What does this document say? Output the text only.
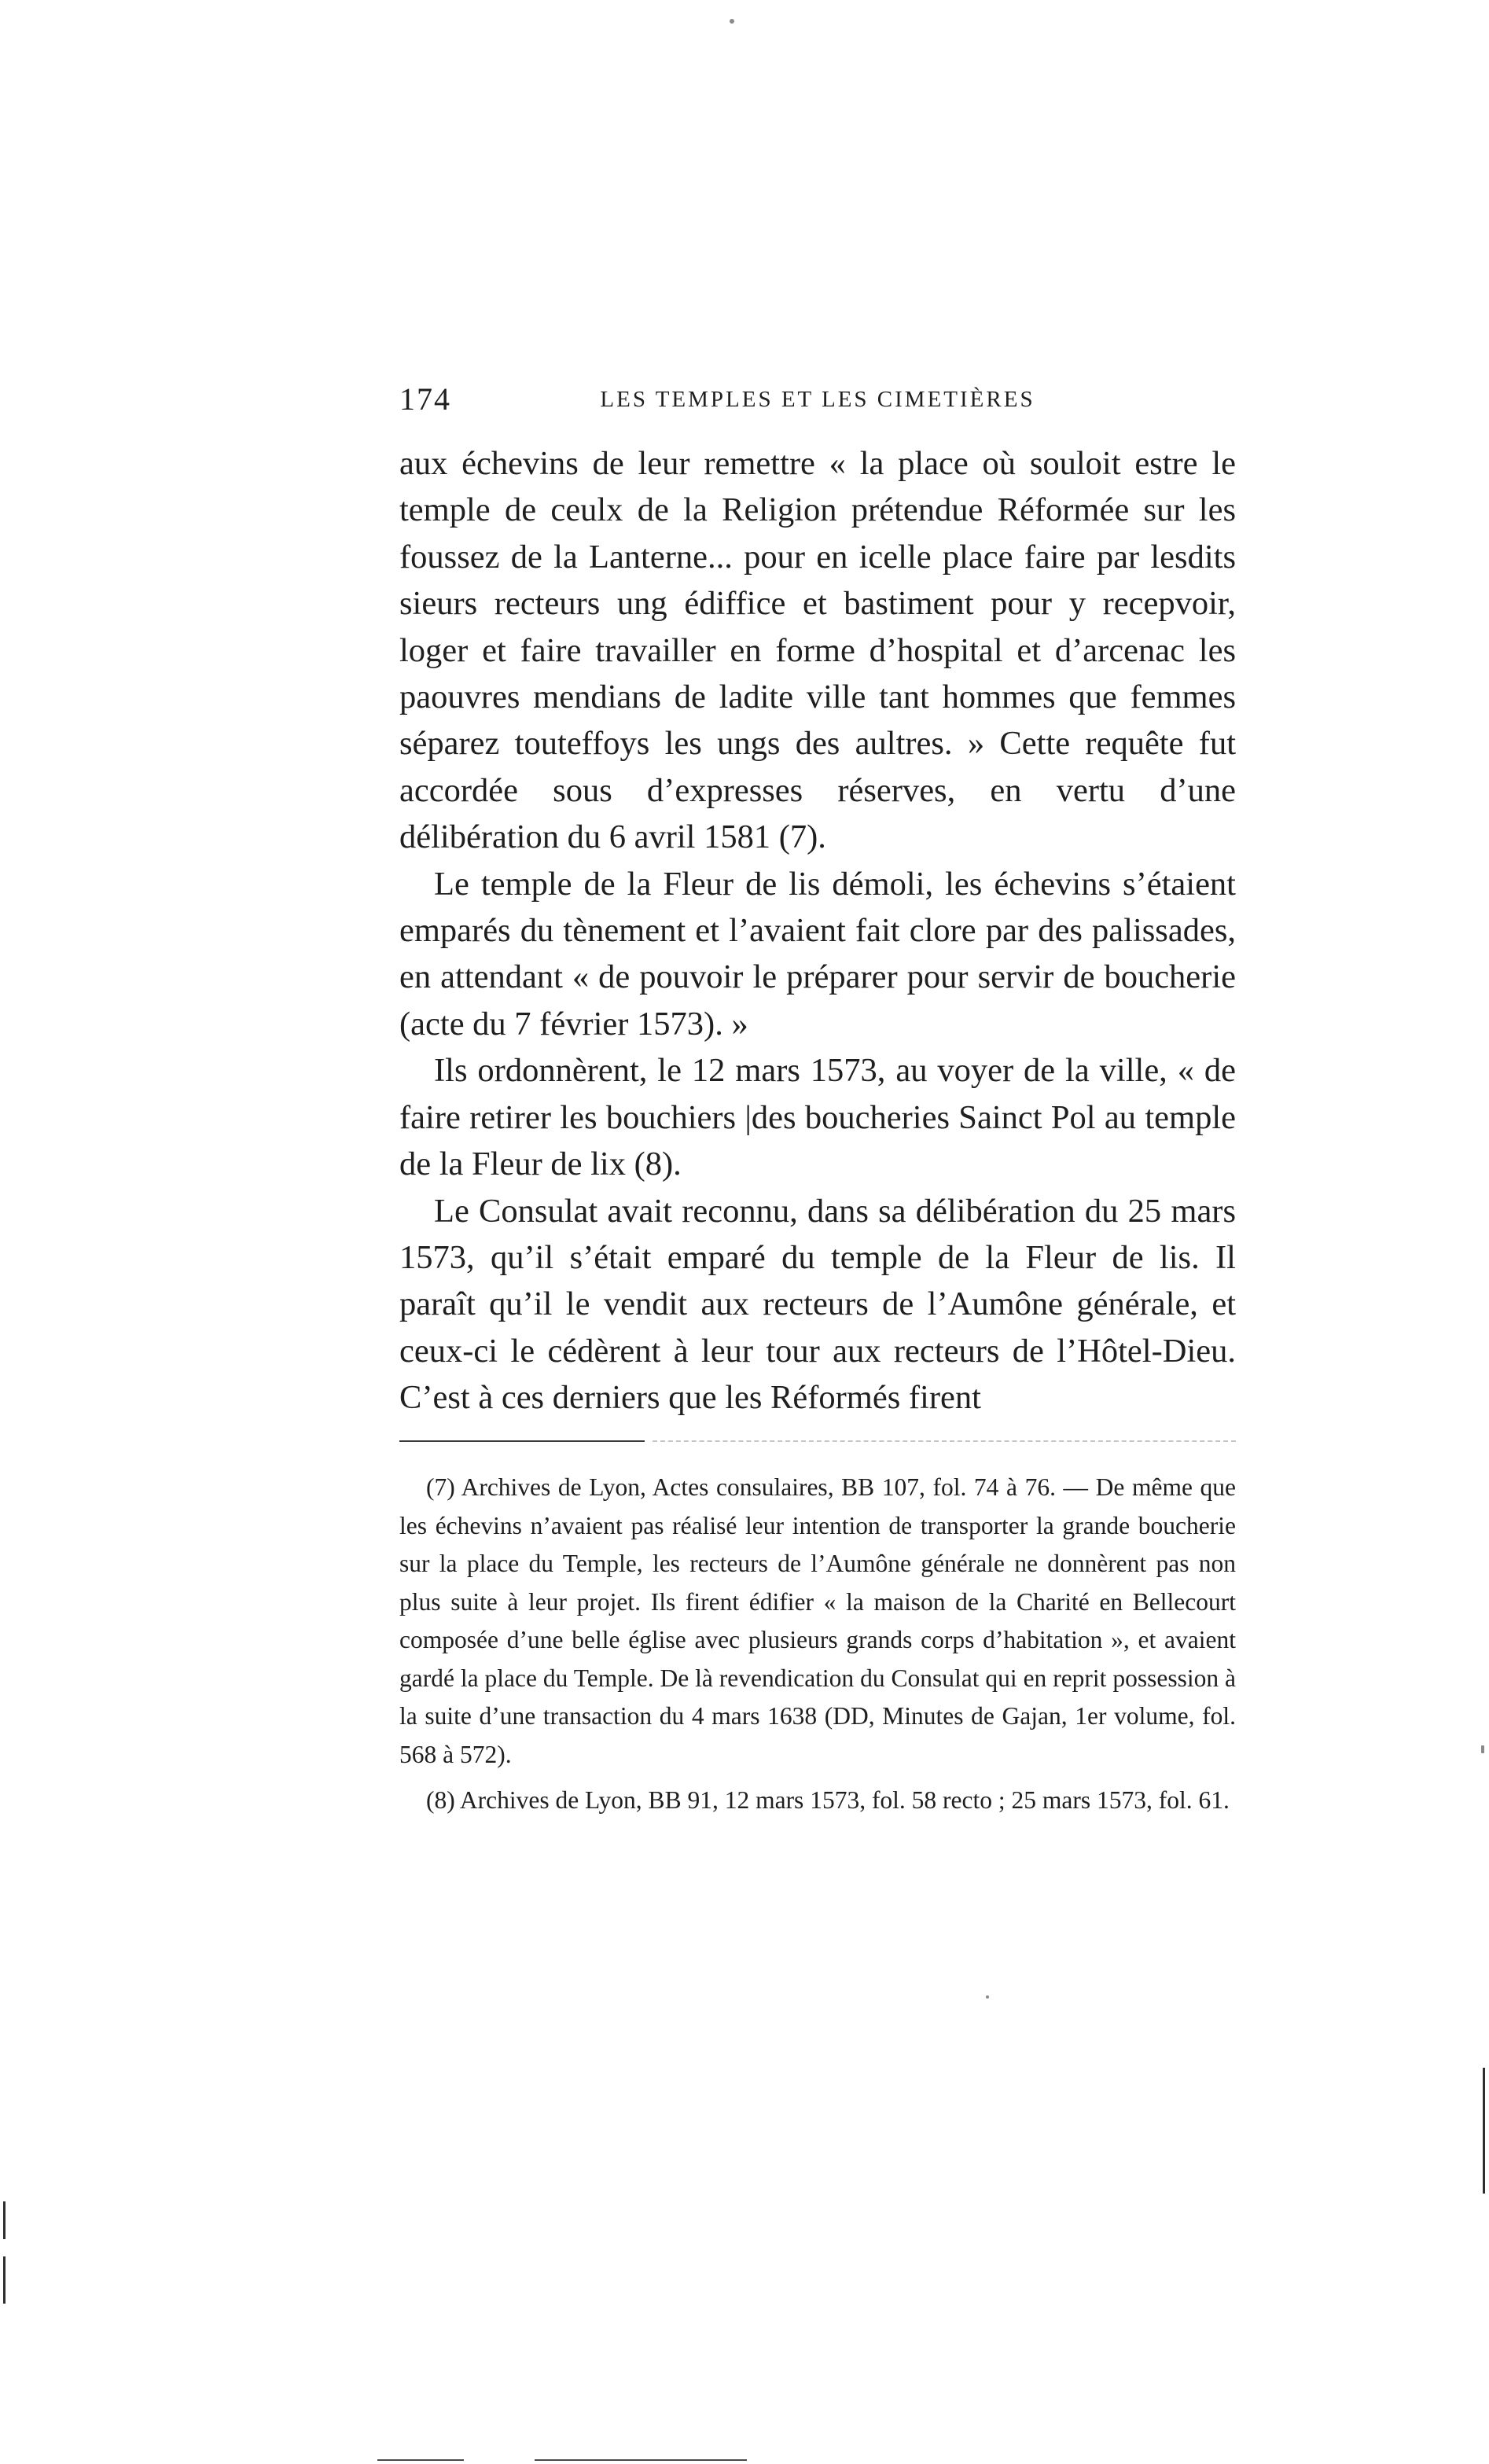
174	LES TEMPLES ET LES CIMETIÈRES

aux échevins de leur remettre « la place où souloit estre le temple de ceulx de la Religion prétendue Réformée sur les foussez de la Lanterne... pour en icelle place faire par lesdits sieurs recteurs ung édiffice et bastiment pour y recepvoir, loger et faire travailler en forme d’hospital et d’arcenac les paouvres mendians de ladite ville tant hommes que femmes séparez touteffoys les ungs des aultres. » Cette requête fut accordée sous d’expresses réserves, en vertu d’une délibération du 6 avril 1581 (7).

Le temple de la Fleur de lis démoli, les échevins s’étaient emparés du tènement et l’avaient fait clore par des palissades, en attendant « de pouvoir le préparer pour servir de boucherie (acte du 7 février 1573). »

Ils ordonnèrent, le 12 mars 1573, au voyer de la ville, « de faire retirer les bouchiers |des boucheries Sainct Pol au temple de la Fleur de lix (8).

Le Consulat avait reconnu, dans sa délibération du 25 mars 1573, qu’il s’était emparé du temple de la Fleur de lis. Il paraît qu’il le vendit aux recteurs de l’Aumône générale, et ceux-ci le cédèrent à leur tour aux recteurs de l’Hôtel-Dieu. C’est à ces derniers que les Réformés firent

(7) Archives de Lyon, Actes consulaires, BB 107, fol. 74 à 76. — De même que les échevins n’avaient pas réalisé leur intention de transporter la grande boucherie sur la place du Temple, les recteurs de l’Aumône générale ne donnèrent pas non plus suite à leur projet. Ils firent édifier « la maison de la Charité en Bellecourt composée d’une belle église avec plusieurs grands corps d’habitation », et avaient gardé la place du Temple. De là revendication du Consulat qui en reprit possession à la suite d’une transaction du 4 mars 1638 (DD, Minutes de Gajan, 1er volume, fol. 568 à 572).

(8) Archives de Lyon, BB 91, 12 mars 1573, fol. 58 recto ; 25 mars 1573, fol. 61.
